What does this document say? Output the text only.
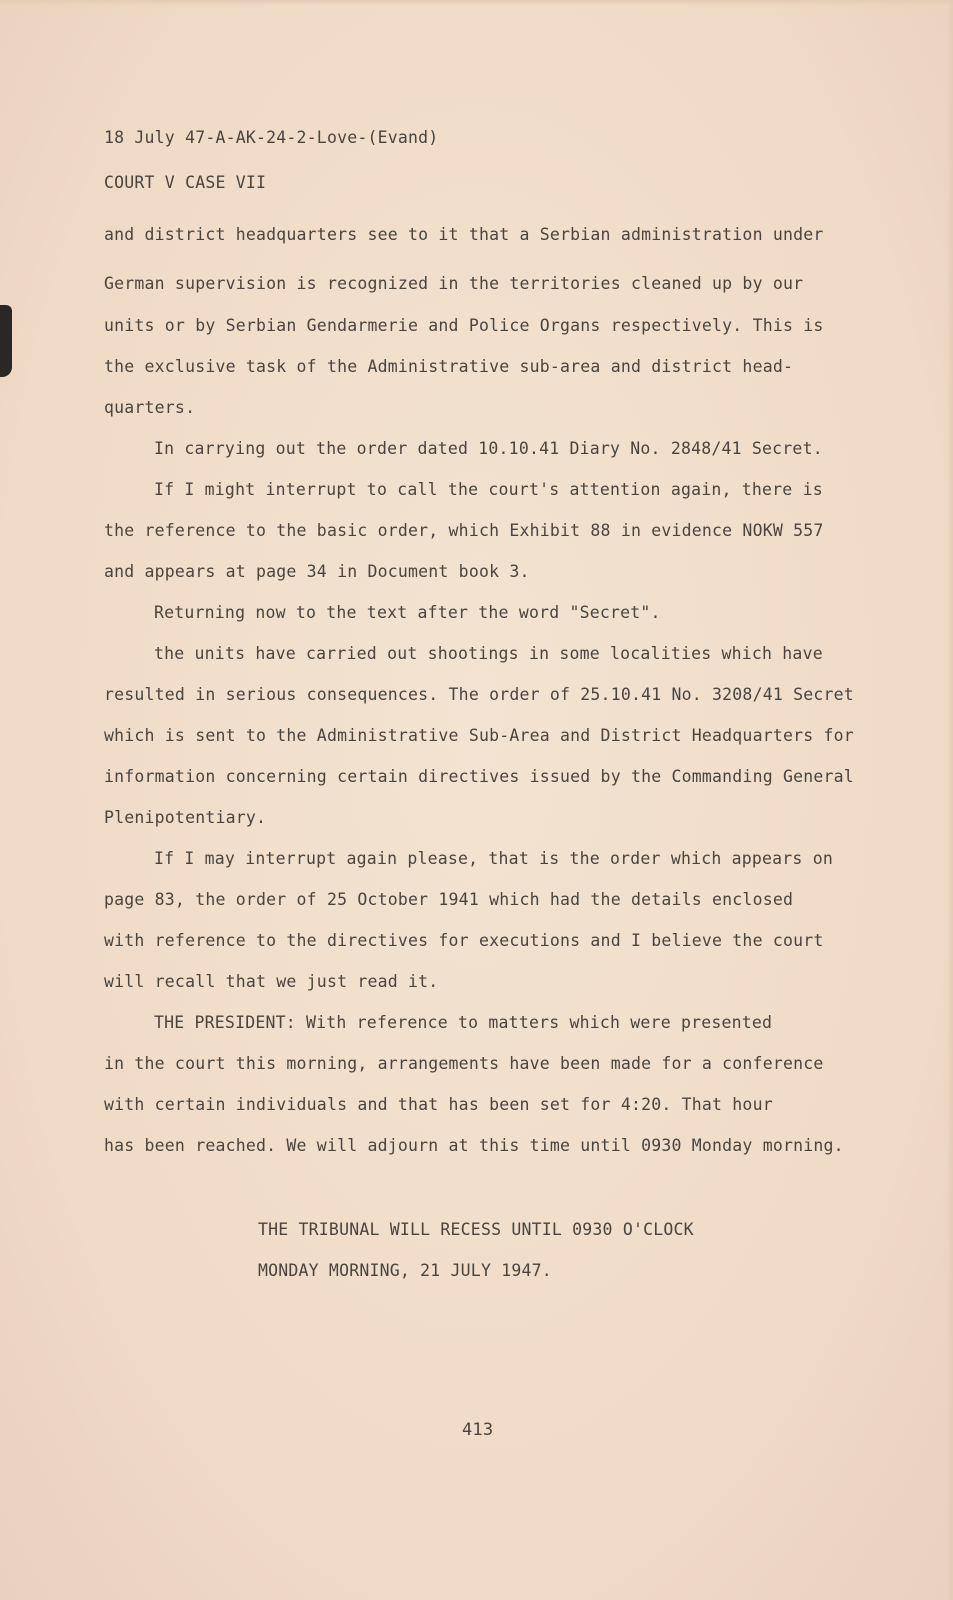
18 July 47-A-AK-24-2-Love-(Evand)
COURT V CASE VII
and district headquarters see to it that a Serbian administration under
German supervision is recognized in the territories cleaned up by our
units or by Serbian Gendarmerie and Police Organs respectively. This is
the exclusive task of the Administrative sub-area and district head-
quarters.
In carrying out the order dated 10.10.41 Diary No. 2848/41 Secret.
If I might interrupt to call the court's attention again, there is
the reference to the basic order, which Exhibit 88 in evidence NOKW 557
and appears at page 34 in Document book 3.
Returning now to the text after the word "Secret".
the units have carried out shootings in some localities which have
resulted in serious consequences. The order of 25.10.41 No. 3208/41 Secret
which is sent to the Administrative Sub-Area and District Headquarters for
information concerning certain directives issued by the Commanding General
Plenipotentiary.
If I may interrupt again please, that is the order which appears on
page 83, the order of 25 October 1941 which had the details enclosed
with reference to the directives for executions and I believe the court
will recall that we just read it.
THE PRESIDENT: With reference to matters which were presented
in the court this morning, arrangements have been made for a conference
with certain individuals and that has been set for 4:20. That hour
has been reached. We will adjourn at this time until 0930 Monday morning.
THE TRIBUNAL WILL RECESS UNTIL 0930 O'CLOCK
MONDAY MORNING, 21 JULY 1947.
413
